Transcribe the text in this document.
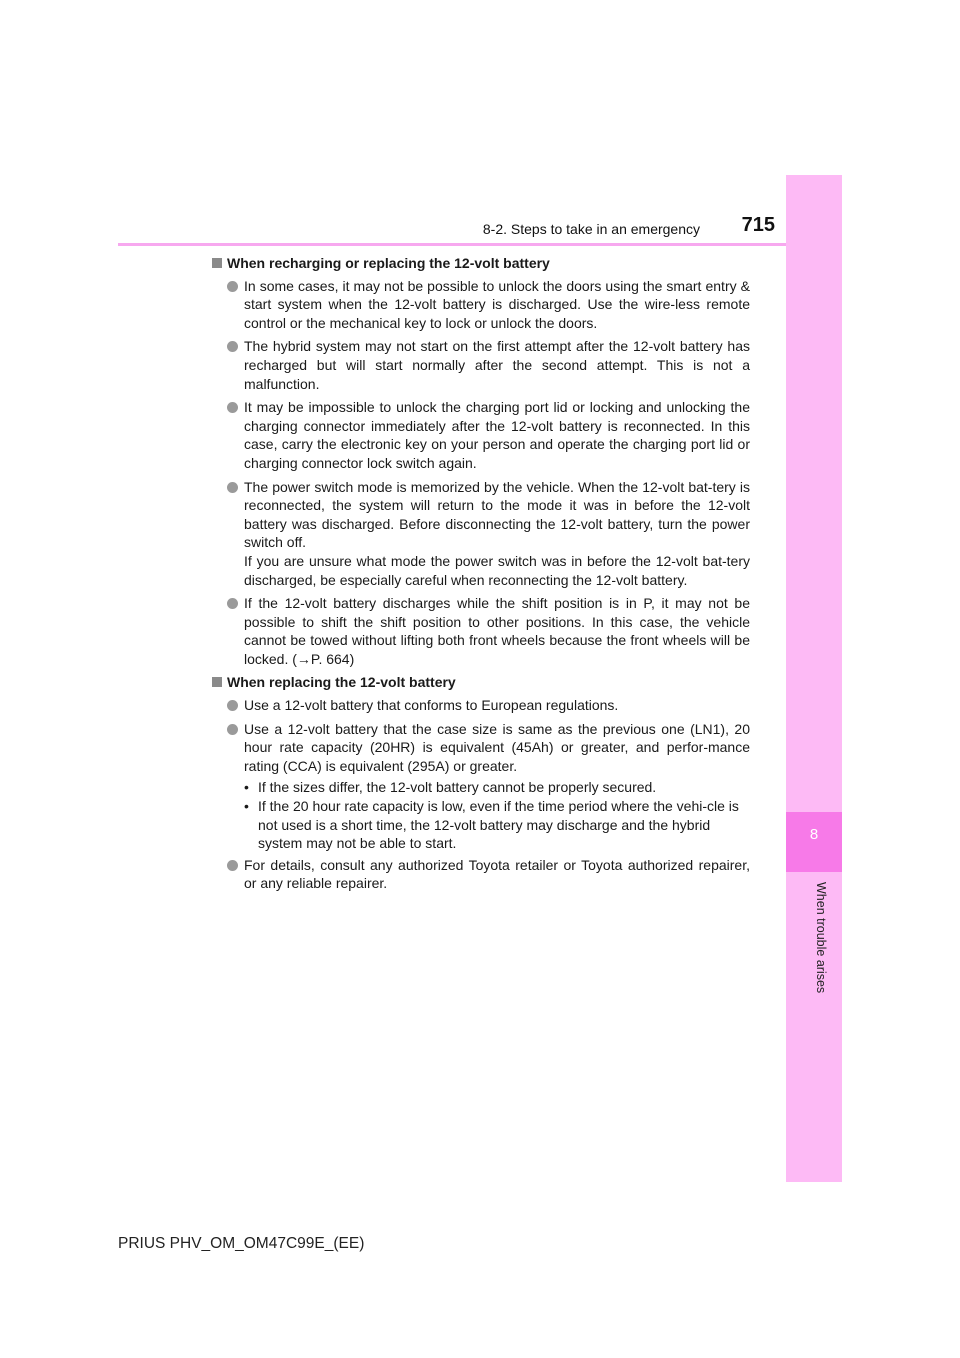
8
When trouble arises
8-2. Steps to take in an emergency	715
When recharging or replacing the 12-volt battery
In some cases, it may not be possible to unlock the doors using the smart entry & start system when the 12-volt battery is discharged. Use the wire-less remote control or the mechanical key to lock or unlock the doors.
The hybrid system may not start on the first attempt after the 12-volt battery has recharged but will start normally after the second attempt. This is not a malfunction.
It may be impossible to unlock the charging port lid or locking and unlocking the charging connector immediately after the 12-volt battery is reconnected. In this case, carry the electronic key on your person and operate the charging port lid or charging connector lock switch again.
The power switch mode is memorized by the vehicle. When the 12-volt bat-tery is reconnected, the system will return to the mode it was in before the 12-volt battery was discharged. Before disconnecting the 12-volt battery, turn the power switch off.
If you are unsure what mode the power switch was in before the 12-volt bat-tery discharged, be especially careful when reconnecting the 12-volt battery.
If the 12-volt battery discharges while the shift position is in P, it may not be possible to shift the shift position to other positions. In this case, the vehicle cannot be towed without lifting both front wheels because the front wheels will be locked. (→P. 664)
When replacing the 12-volt battery
Use a 12-volt battery that conforms to European regulations.
Use a 12-volt battery that the case size is same as the previous one (LN1), 20 hour rate capacity (20HR) is equivalent (45Ah) or greater, and perfor-mance rating (CCA) is equivalent (295A) or greater.
• If the sizes differ, the 12-volt battery cannot be properly secured.
• If the 20 hour rate capacity is low, even if the time period where the vehi-cle is not used is a short time, the 12-volt battery may discharge and the hybrid system may not be able to start.
For details, consult any authorized Toyota retailer or Toyota authorized repairer, or any reliable repairer.
PRIUS PHV_OM_OM47C99E_(EE)
